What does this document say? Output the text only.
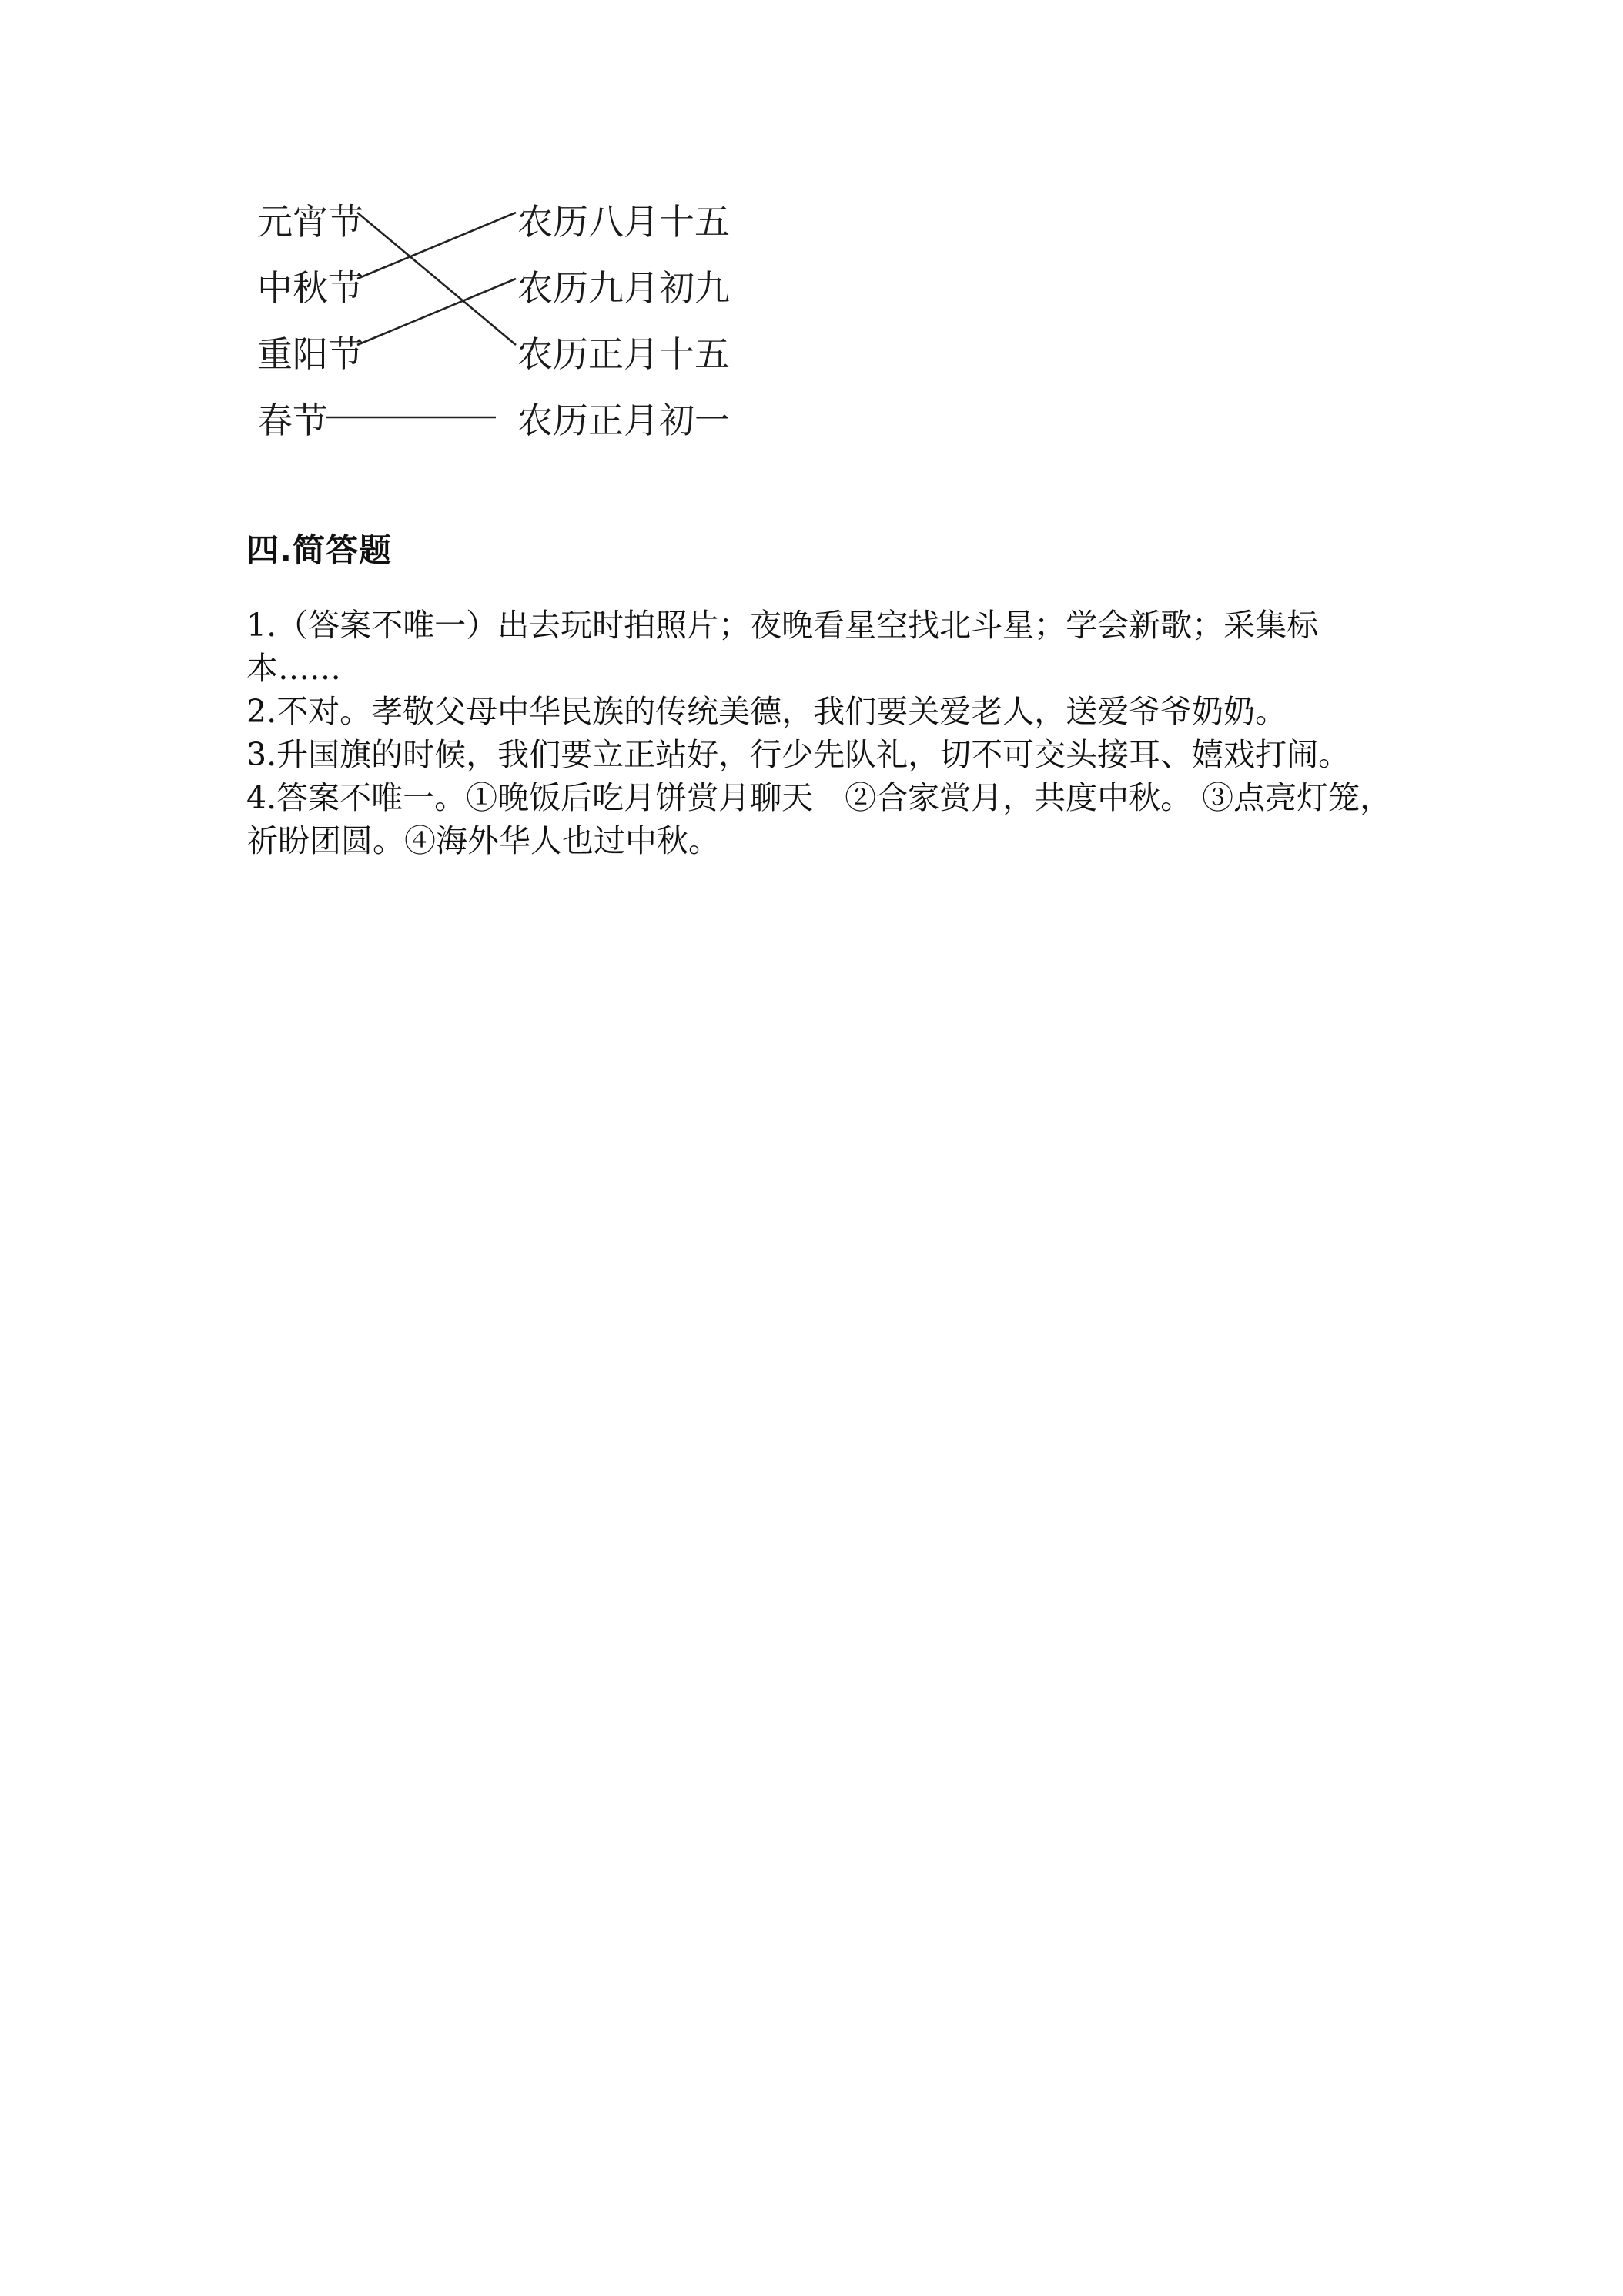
元宵节
中秋节
重阳节
春节
农历八月十五
农历九月初九
农历正月十五
农历正月初一
四.简答题
1.（答案不唯一）出去玩时拍照片；夜晚看星空找北斗星；学会新歌；采集标本……
2.不对。孝敬父母中华民族的传统美德，我们要关爱老人，送爱爷爷奶奶。
3.升国旗的时候，我们要立正站好，行少先队礼，切不可交头接耳、嬉戏打闹。
4.答案不唯一。①晚饭后吃月饼赏月聊天　②合家赏月，共度中秋。 ③点亮灯笼，祈盼团圆。④海外华人也过中秋。
